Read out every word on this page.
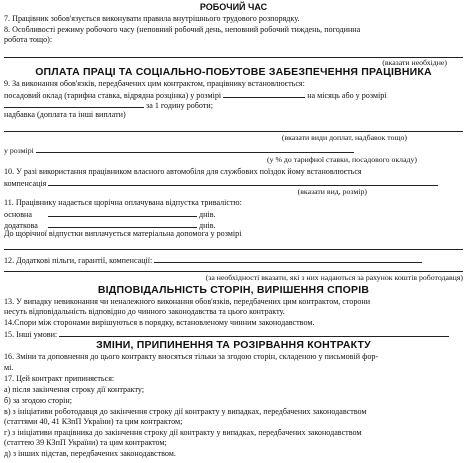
РОБОЧИЙ ЧАС
7. Працівник зобов'язується виконувати правила внутрішнього трудового розпорядку.
8. Особливості режиму робочого часу (неповний робочий день, неповний робочий тиждень, погодинна
робота тощо):
(вказати необхідне)
ОПЛАТА ПРАЦІ ТА СОЦІАЛЬНО-ПОБУТОВЕ ЗАБЕЗПЕЧЕННЯ ПРАЦІВНИКА
9. За виконання обов'язків, передбачених цим контрактом, працівнику встановлюється:
посадовий оклад (тарифна ставка, відрядна розцінка) у розмірі	на місяць або у розмірі
за 1 годину роботи;
надбавка (доплата та інші виплати)
(вказати види доплат, надбавок тощо)
у розмірі
(у % до тарифної ставки, посадового окладу)
10. У разі використання працівником власного автомобіля для службових поїздок йому встановлюється
компенсація
(вказати вид, розмір)
11. Працівнику надається щорічна оплачувана відпустка тривалістю:
основна	днів.
додаткова	днів.
До щорічної відпустки виплачується матеріальна допомога у розмірі
12. Додаткові пільги, гарантії, компенсації:
(за необхідності вказати, які з них надаються за рахунок коштів роботодавця)
ВІДПОВІДАЛЬНІСТЬ СТОРІН, ВИРІШЕННЯ СПОРІВ
13. У випадку невиконання чи неналежного виконання обов'язків, передбачених цим контрактом, сторони
несуть відповідальність відповідно до чинного законодавства та цього контракту.
14.Спори між сторонами вирішуються в порядку, встановленому чинним законодавством.
15. Інші умови:
ЗМІНИ, ПРИПИНЕННЯ ТА РОЗІРВАННЯ КОНТРАКТУ
16. Зміни та доповнення до цього контракту вносяться тільки за згодою сторін, складеною у письмовій фор-
мі.
17. Цей контракт припиняється:
а) після закінчення строку дії контракту;
б) за згодою сторін;
в) з ініціативи роботодавця до закінчення строку дії контракту у випадках, передбачених законодавством
(статтями 40, 41 КЗпП України) та цим контрактом;
г) з ініціативи працівника до закінчення строку дії контракту у випадках, передбачених законодавством
(статтею 39 КЗпП України) та цим контрактом;
д) з інших підстав, передбачених законодавством.
